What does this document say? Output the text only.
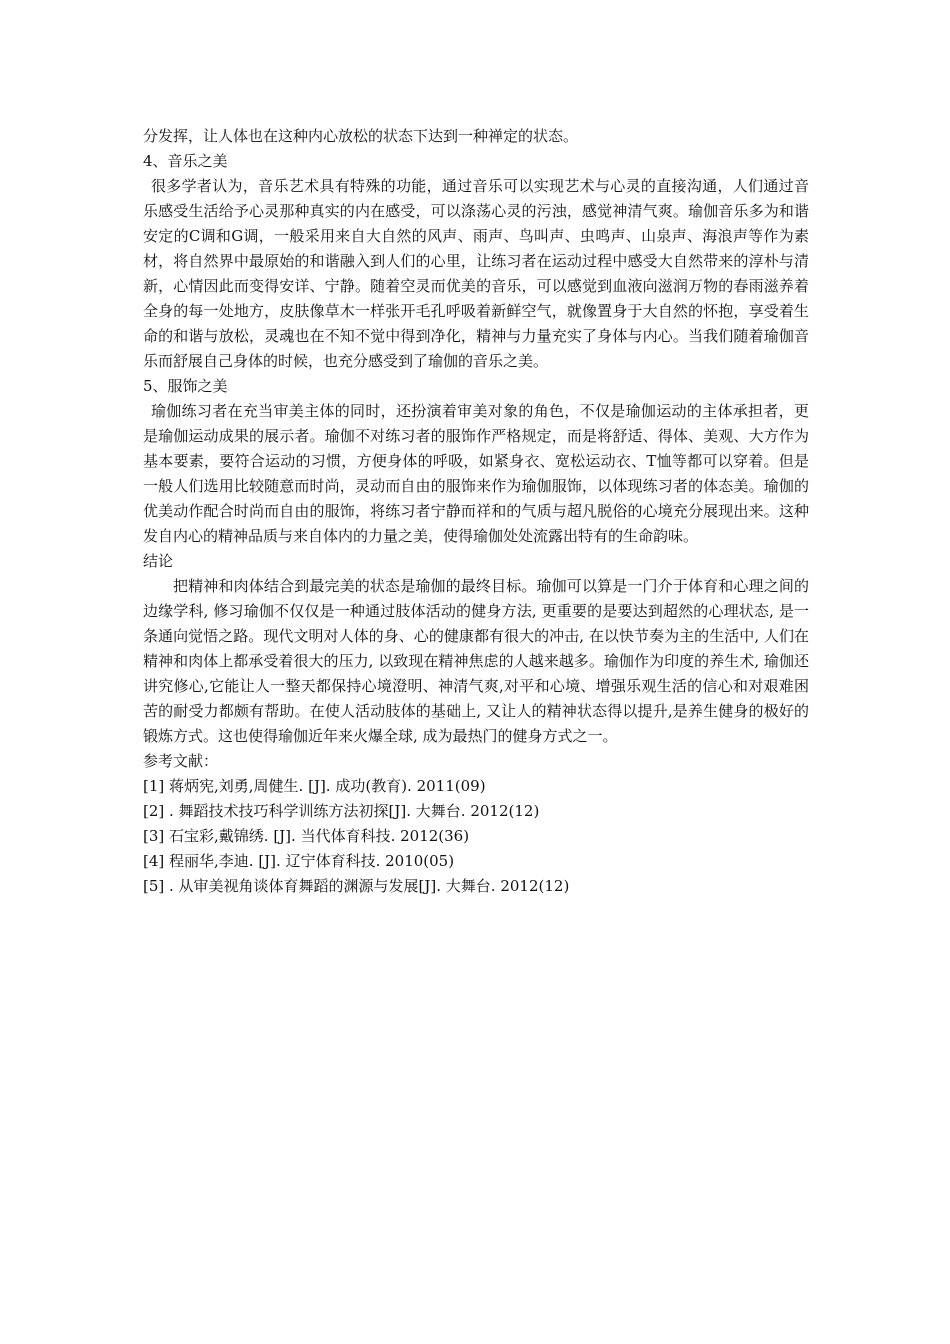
分发挥，让人体也在这种内心放松的状态下达到一种禅定的状态。

4、音乐之美

很多学者认为，音乐艺术具有特殊的功能，通过音乐可以实现艺术与心灵的直接沟通，人们通过音乐感受生活给予心灵那种真实的内在感受，可以涤荡心灵的污浊，感觉神清气爽。瑜伽音乐多为和谐安定的C调和G调，一般采用来自大自然的风声、雨声、鸟叫声、虫鸣声、山泉声、海浪声等作为素材，将自然界中最原始的和谐融入到人们的心里，让练习者在运动过程中感受大自然带来的淳朴与清新，心情因此而变得安详、宁静。随着空灵而优美的音乐，可以感觉到血液向滋润万物的春雨滋养着全身的每一处地方，皮肤像草木一样张开毛孔呼吸着新鲜空气，就像置身于大自然的怀抱，享受着生命的和谐与放松，灵魂也在不知不觉中得到净化，精神与力量充实了身体与内心。当我们随着瑜伽音乐而舒展自己身体的时候，也充分感受到了瑜伽的音乐之美。

5、服饰之美

瑜伽练习者在充当审美主体的同时，还扮演着审美对象的角色，不仅是瑜伽运动的主体承担者，更是瑜伽运动成果的展示者。瑜伽不对练习者的服饰作严格规定，而是将舒适、得体、美观、大方作为基本要素，要符合运动的习惯，方便身体的呼吸，如紧身衣、宽松运动衣、T恤等都可以穿着。但是一般人们选用比较随意而时尚，灵动而自由的服饰来作为瑜伽服饰，以体现练习者的体态美。瑜伽的优美动作配合时尚而自由的服饰，将练习者宁静而祥和的气质与超凡脱俗的心境充分展现出来。这种发自内心的精神品质与来自体内的力量之美，使得瑜伽处处流露出特有的生命韵味。

结论

把精神和肉体结合到最完美的状态是瑜伽的最终目标。瑜伽可以算是一门介于体育和心理之间的边缘学科, 修习瑜伽不仅仅是一种通过肢体活动的健身方法, 更重要的是要达到超然的心理状态, 是一条通向觉悟之路。现代文明对人体的身、心的健康都有很大的冲击, 在以快节奏为主的生活中, 人们在精神和肉体上都承受着很大的压力, 以致现在精神焦虑的人越来越多。瑜伽作为印度的养生术, 瑜伽还讲究修心,它能让人一整天都保持心境澄明、神清气爽,对平和心境、增强乐观生活的信心和对艰难困苦的耐受力都颇有帮助。在使人活动肢体的基础上, 又让人的精神状态得以提升,是养生健身的极好的锻炼方式。这也使得瑜伽近年来火爆全球, 成为最热门的健身方式之一。

参考文献：

[1] 蒋炳宪,刘勇,周健生. [J]. 成功(教育). 2011(09)

[2] . 舞蹈技术技巧科学训练方法初探[J]. 大舞台. 2012(12)

[3] 石宝彩,戴锦绣. [J]. 当代体育科技. 2012(36)

[4] 程丽华,李迪. [J]. 辽宁体育科技. 2010(05)

[5] . 从审美视角谈体育舞蹈的渊源与发展[J]. 大舞台. 2012(12)
